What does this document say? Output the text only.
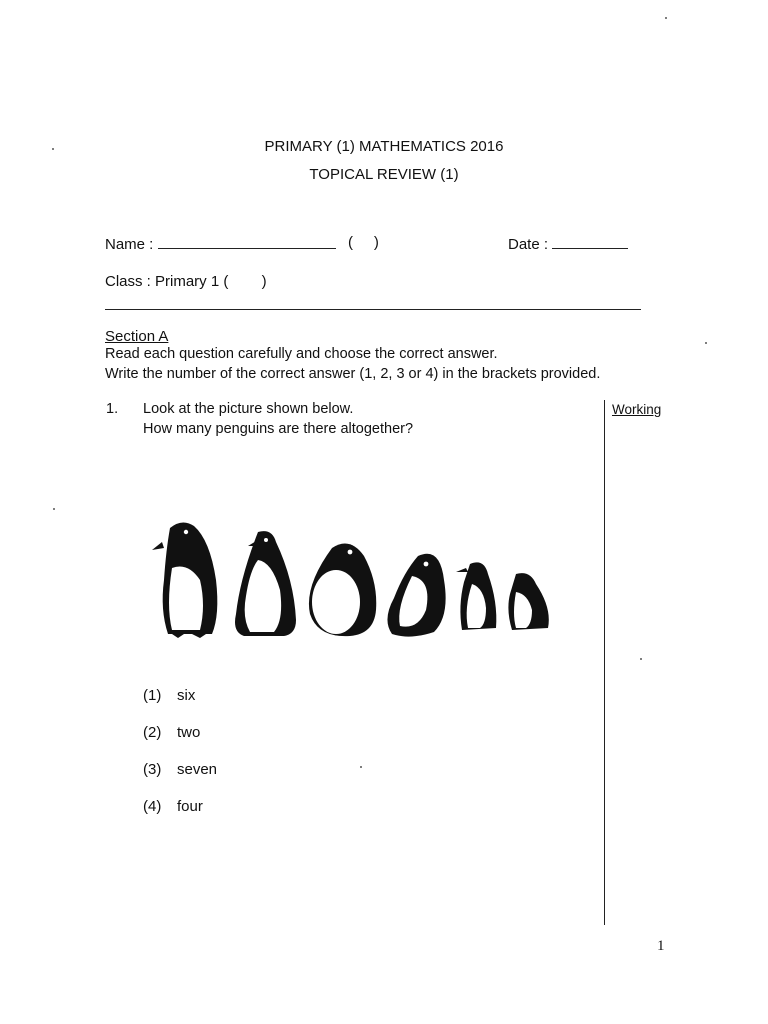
PRIMARY (1) MATHEMATICS 2016
TOPICAL REVIEW (1)
Name :	(     )	Date :
Class : Primary 1 (        )
Section A
Read each question carefully and choose the correct answer.
Write the number of the correct answer (1, 2, 3 or 4) in the brackets provided.
1. Look at the picture shown below.
How many penguins are there altogether?
Working
(1) six
(2) two
(3) seven
(4) four
1
